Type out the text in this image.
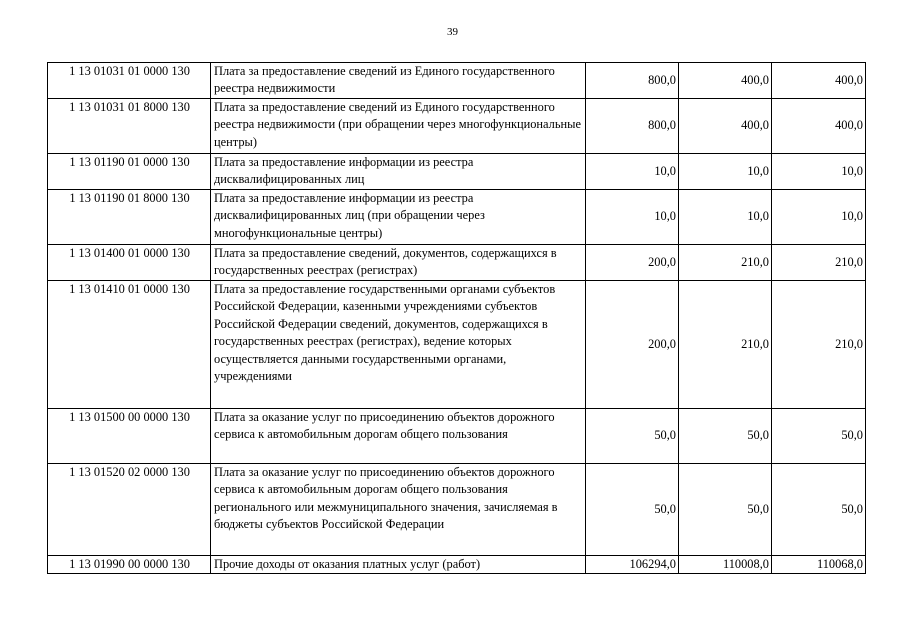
39
1 13 01031 01 0000 130	Плата за предоставление сведений из Единого государственного реестра недвижимости	800,0	400,0	400,0
1 13 01031 01 8000 130	Плата за предоставление сведений из Единого государственного реестра недвижимости (при обращении через многофункциональные центры)	800,0	400,0	400,0
1 13 01190 01 0000 130	Плата за предоставление информации из реестра дисквалифицированных лиц	10,0	10,0	10,0
1 13 01190 01 8000 130	Плата за предоставление информации из реестра дисквалифицированных лиц (при обращении через многофункциональные центры)	10,0	10,0	10,0
1 13 01400 01 0000 130	Плата за предоставление сведений, документов, содержащихся в государственных реестрах (регистрах)	200,0	210,0	210,0
1 13 01410 01 0000 130	Плата за предоставление государственными органами субъектов Российской Федерации, казенными учреждениями субъектов Российской Федерации сведений, документов, содержащихся в государственных реестрах (регистрах), ведение которых осуществляется данными государственными органами, учреждениями	200,0	210,0	210,0
1 13 01500 00 0000 130	Плата за оказание услуг по присоединению объектов дорожного сервиса к автомобильным дорогам общего пользования	50,0	50,0	50,0
1 13 01520 02 0000 130	Плата за оказание услуг по присоединению объектов дорожного сервиса к автомобильным дорогам общего пользования регионального или межмуниципального значения, зачисляемая в бюджеты субъектов Российской Федерации	50,0	50,0	50,0
1 13 01990 00 0000 130	Прочие доходы от оказания платных услуг (работ)	106294,0	110008,0	110068,0
